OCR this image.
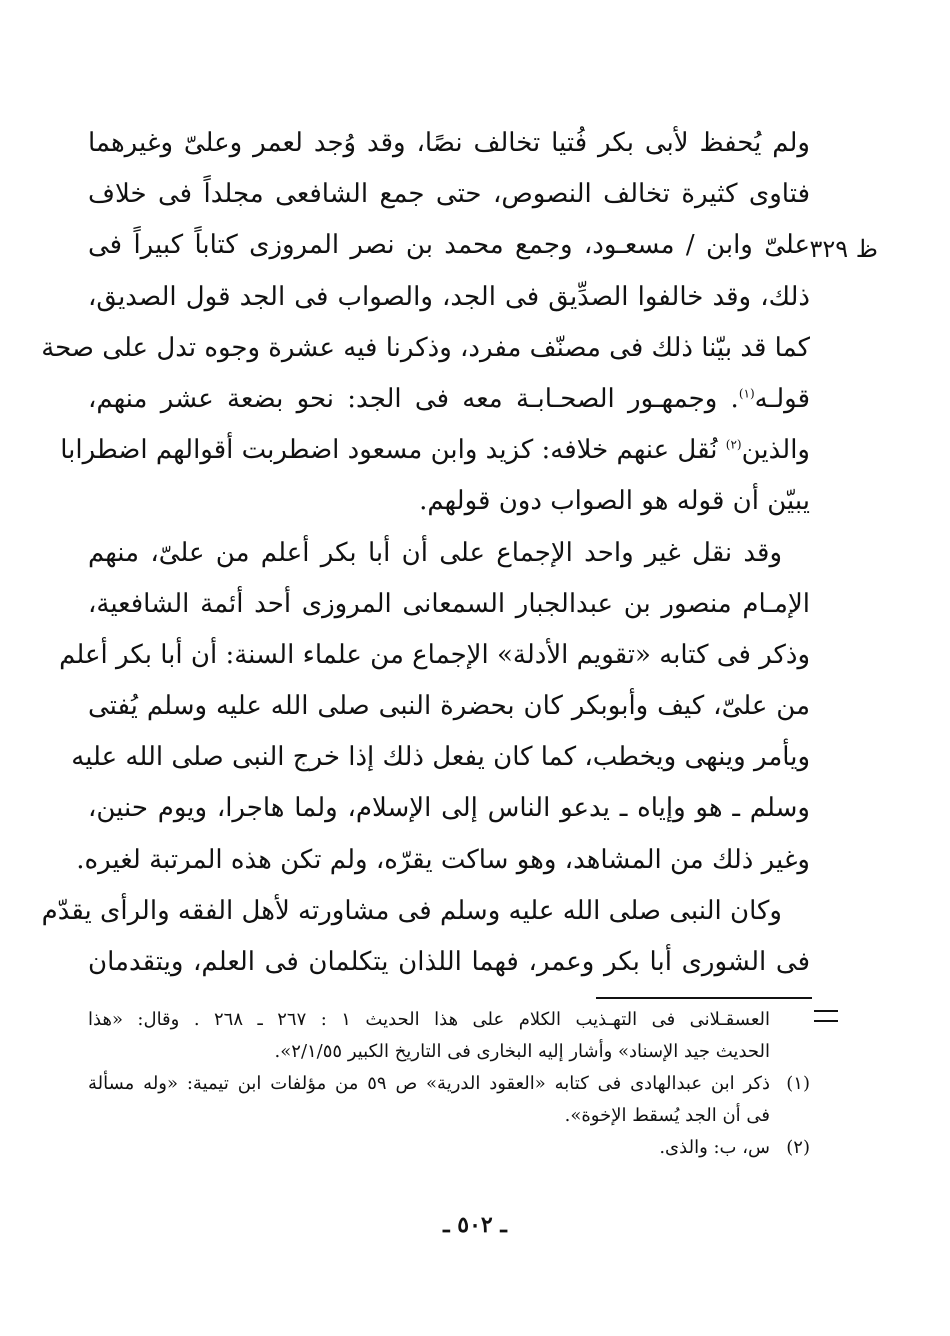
ظ ٣٢٩
ولم يُحفظ لأبى بكر فُتيا تخالف نصًا، وقد وُجد لعمر وعلىّ وغيرهما
فتاوى كثيرة تخالف النصوص، حتى جمع الشافعى مجلداً فى خلاف
علىّ وابن / مسعـود، وجمع محمد بن نصر المروزى كتاباً كبيراً فى
ذلك، وقد خالفوا الصدِّيق فى الجد، والصواب فى الجد قول الصديق،
كما قد بيّنا ذلك فى مصنّف مفرد، وذكرنا فيه عشرة وجوه تدل على صحة
قولـه$^{(١)}$. وجمهـور الصحـابـة معه فى الجد: نحو بضعة عشر منهم،
والذين$^{(٢)}$ نُقل عنهم خلافه: كزيد وابن مسعود اضطربت أقوالهم اضطرابا
يبيّن أن قوله هو الصواب دون قولهم.
وقد نقل غير واحد الإجماع على أن أبا بكر أعلم من علىّ، منهم
الإمـام منصور بن عبدالجبار السمعانى المروزى أحد أئمة الشافعية،
وذكر فى كتابه «تقويم الأدلة» الإجماع من علماء السنة: أن أبا بكر أعلم
من علىّ، كيف وأبوبكر كان بحضرة النبى صلى الله عليه وسلم يُفتى
ويأمر وينهى ويخطب، كما كان يفعل ذلك إذا خرج النبى صلى الله عليه
وسلم ـ هو وإياه ـ يدعو الناس إلى الإسلام، ولما هاجرا، ويوم حنين،
وغير ذلك من المشاهد، وهو ساكت يقرّه، ولم تكن هذه المرتبة لغيره.
وكان النبى صلى الله عليه وسلم فى مشاورته لأهل الفقه والرأى يقدّم
فى الشورى أبا بكر وعمر، فهما اللذان يتكلمان فى العلم، ويتقدمان
العسقـلانى فى التهـذيب الكلام على هذا الحديث ١ : ٢٦٧ ـ ٢٦٨ . وقال: «هذا
الحديث جيد الإسناد» وأشار إليه البخارى فى التاريخ الكبير ٢/١/٥٥».
(١)
ذكر ابن عبدالهادى فى كتابه «العقود الدرية» ص ٥٩ من مؤلفات ابن تيمية: «وله مسألة
فى أن الجد يُسقط الإخوة».
(٢)
س، ب: والذى.
ـ ٥٠٢ ـ
